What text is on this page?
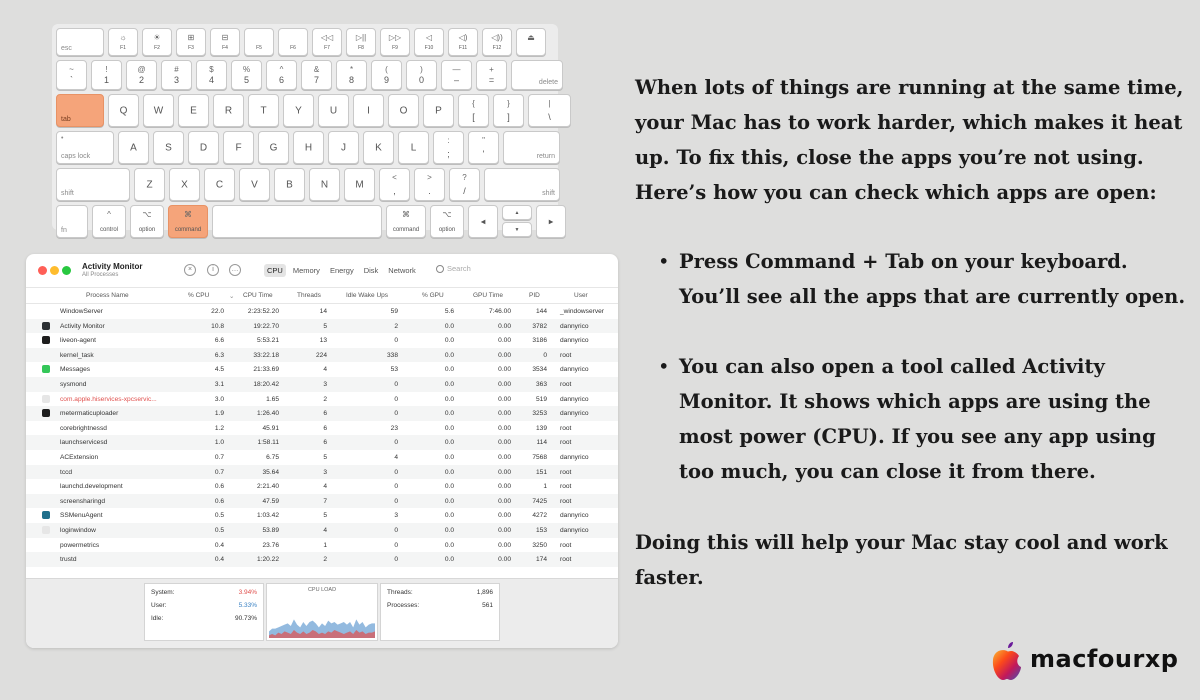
esc
☼
F1
☀
F2
⊞
F3
⊟
F4	F5	F6
◁◁
F7
▷||
F8
▷▷
F9
◁
F10
◁)
F11
◁))
F12
⏏
~
`
!
1
@
2
#
3
$
4
%
5
^
6
&
7
*
8
(
9
)
0
—
–
+
=	delete
tab
Q	W	E	R	T	Y	U	I	O	P
{
[
}
]
|
\
•
caps lock
A	S	D	F	G	H	J	K	L
:
;
"
'	return
shift
Z	X	C	V	B	N	M
<
,
>
.
?
/	shift
fn
^
control
⌥
option
⌘
command
⌘
command
⌥
option
◀
▲
▼
▶
Activity Monitor
All Processes
×	i	…	CPU	Memory	Energy	Disk	Network	Search
Process Name	% CPU	⌄ CPU Time	Threads	Idle Wake Ups	% GPU	GPU Time	PID	User
WindowServer	22.0	2:23:52.20	14	59	5.6	7:46.00	144 _windowserver
Activity Monitor	10.8	19:22.70	5	2	0.0	0.00	3782 dannyrico
liveon-agent	6.6	5:53.21	13	0	0.0	0.00	3186 dannyrico
kernel_task	6.3	33:22.18	224	338	0.0	0.00	0 root
Messages	4.5	21:33.69	4	53	0.0	0.00	3534 dannyrico
sysmond	3.1	18:20.42	3	0	0.0	0.00	363 root
com.apple.hiservices-xpcservic...	3.0	1.65	2	0	0.0	0.00	519 dannyrico
metermaticuploader	1.9	1:26.40	6	0	0.0	0.00	3253 dannyrico
corebrightnessd	1.2	45.91	6	23	0.0	0.00	139 root
launchservicesd	1.0	1:58.11	6	0	0.0	0.00	114 root
ACExtension	0.7	6.75	5	4	0.0	0.00	7568 dannyrico
tccd	0.7	35.64	3	0	0.0	0.00	151 root
launchd.development	0.6	2:21.40	4	0	0.0	0.00	1 root
screensharingd	0.6	47.59	7	0	0.0	0.00	7425 root
SSMenuAgent	0.5	1:03.42	5	3	0.0	0.00	4272 dannyrico
loginwindow	0.5	53.89	4	0	0.0	0.00	153 dannyrico
powermetrics	0.4	23.76	1	0	0.0	0.00	3250 root
trustd	0.4	1:20.22	2	0	0.0	0.00	174 root
System:	3.94%
User:	5.33%
Idle:	90.73%
CPU LOAD	Threads:	1,896
Processes:	561
When lots of things are running at the same time,
your Mac has to work harder, which makes it heat
up. To fix this, close the apps you’re not using.
Here’s how you can check which apps are open:
• Press Command + Tab on your keyboard.
You’ll see all the apps that are currently open.
• You can also open a tool called Activity
Monitor. It shows which apps are using the
most power (CPU). If you see any app using
too much, you can close it from there.
Doing this will help your Mac stay cool and work
faster.
macfourxp
